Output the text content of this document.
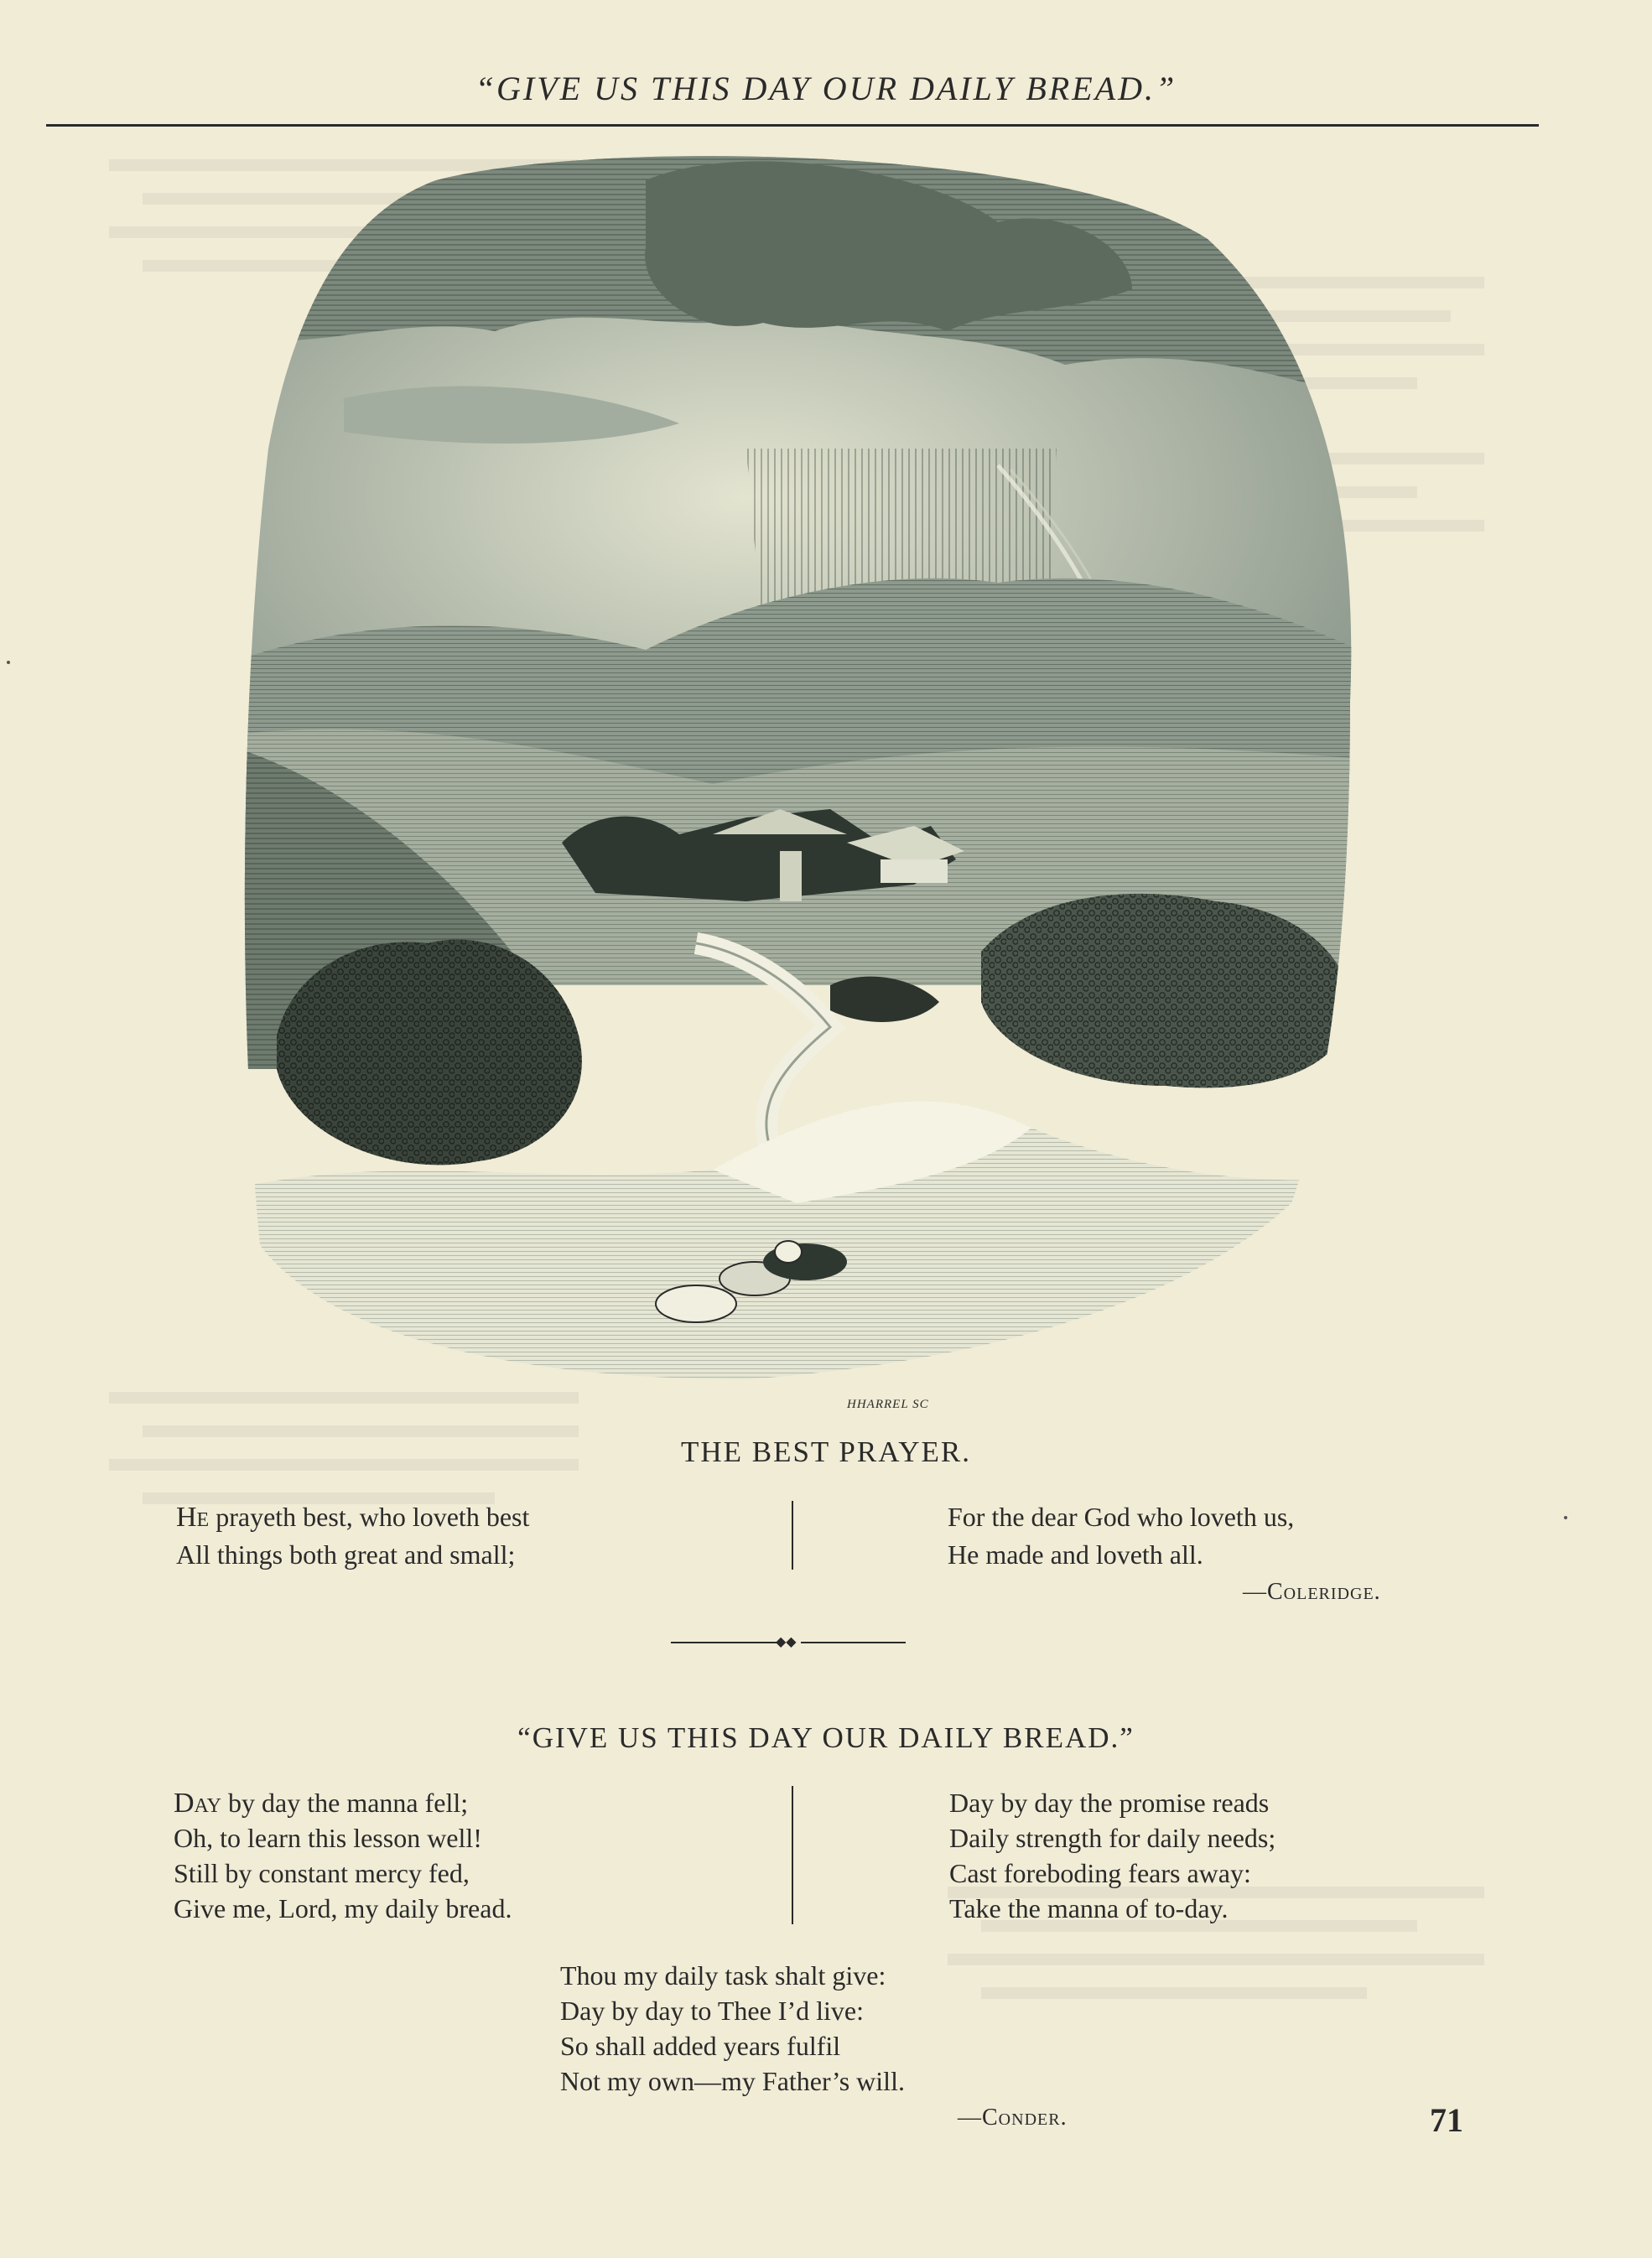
“GIVE US THIS DAY OUR DAILY BREAD.”
HHARREL SC
THE BEST PRAYER.
He prayeth best, who loveth best
All things both great and small;
For the dear God who loveth us,
He made and loveth all.
—Coleridge.
◆◆
“GIVE US THIS DAY OUR DAILY BREAD.”
Day by day the manna fell;
Oh, to learn this lesson well!
Still by constant mercy fed,
Give me, Lord, my daily bread.
Day by day the promise reads
Daily strength for daily needs;
Cast foreboding fears away:
Take the manna of to-day.
Thou my daily task shalt give:
Day by day to Thee I’d live:
So shall added years fulfil
Not my own—my Father’s will.
—Conder.	71
